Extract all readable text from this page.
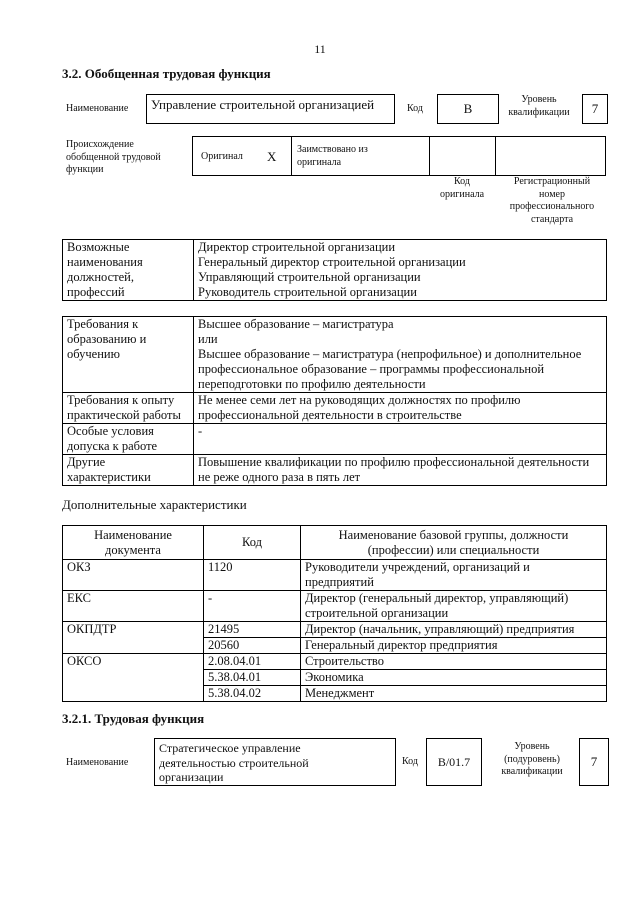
11
3.2. Обобщенная трудовая функция
Наименование	Управление строительной организацией	Код	B
Уровень
квалификации	7
Происхождение
обобщенной трудовой
функции
Оригинал X Заимствовано из
оригинала
Код
оригинала
Регистрационный
номер
профессионального
стандарта
Возможные
наименования
должностей,
профессий

Директор строительной организации
Генеральный директор строительной организации
Управляющий строительной организации
Руководитель строительной организации
Требования к
образованию и
обучению	Высшее образование – магистратура
или
Высшее образование – магистратура (непрофильное) и дополнительное
профессиональное образование – программы профессиональной
переподготовки по профилю деятельности

Требования к опыту
практической работы	Не менее семи лет на руководящих должностях по профилю
профессиональной деятельности в строительстве

Особые условия
допуска к работе	-

Другие
характеристики	Повышение квалификации по профилю профессиональной деятельности
не реже одного раза в пять лет
Дополнительные характеристики
Наименование
документа	Код	Наименование базовой группы, должности
(профессии) или специальности

ОКЗ	1120	Руководители учреждений, организаций и
предприятий

ЕКС	-	Директор (генеральный директор, управляющий)
строительной организации

ОКПДТР	21495	Директор (начальник, управляющий) предприятия
	20560	Генеральный директор предприятия
ОКСО	2.08.04.01	Строительство
	5.38.04.01	Экономика
	5.38.04.02	Менеджмент
3.2.1. Трудовая функция
Наименование
Стратегическое управление
деятельностью строительной
организации
Код	B/01.7
Уровень
(подуровень)
квалификации
7
